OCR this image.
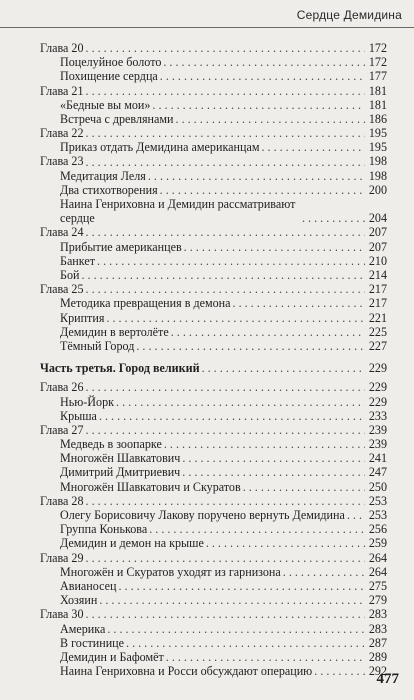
Сердце Демидина
Глава 20 . . .	172
Поцелуйное болото . . .	172
Похищение сердца . . .	177
Глава 21 . . .	181
«Бедные вы мои» . . .	181
Встреча с древлянами . . .	186
Глава 22 . . .	195
Приказ отдать Демидина американцам . . .	195
Глава 23 . . .	198
Медитация Леля . . .	198
Два стихотворения . . .	200
Наина Генриховна и Демидин рассматривают сердце . . .	204
Глава 24 . . .	207
Прибытие американцев . . .	207
Банкет . . .	210
Бой . . .	214
Глава 25 . . .	217
Методика превращения в демона . . .	217
Криптия . . .	221
Демидин в вертолёте . . .	225
Тёмный Город . . .	227
Часть третья. Город великий . . .	229
Глава 26 . . .	229
Нью-Йорк . . .	229
Крыша . . .	233
Глава 27 . . .	239
Медведь в зоопарке . . .	239
Многожён Шавкатович . . .	241
Димитрий Дмитриевич . . .	247
Многожён Шавкатович и Скуратов . . .	250
Глава 28 . . .	253
Олегу Борисовичу Лакову поручено вернуть Демидина . . .	253
Группа Конькова . . .	256
Демидин и демон на крыше . . .	259
Глава 29 . . .	264
Многожён и Скуратов уходят из гарнизона . . .	264
Авианосец . . .	275
Хозяин . . .	279
Глава 30 . . .	283
Америка . . .	283
В гостинице . . .	287
Демидин и Бафомёт . . .	289
Наина Генриховна и Росси обсуждают операцию . . .	292
477
